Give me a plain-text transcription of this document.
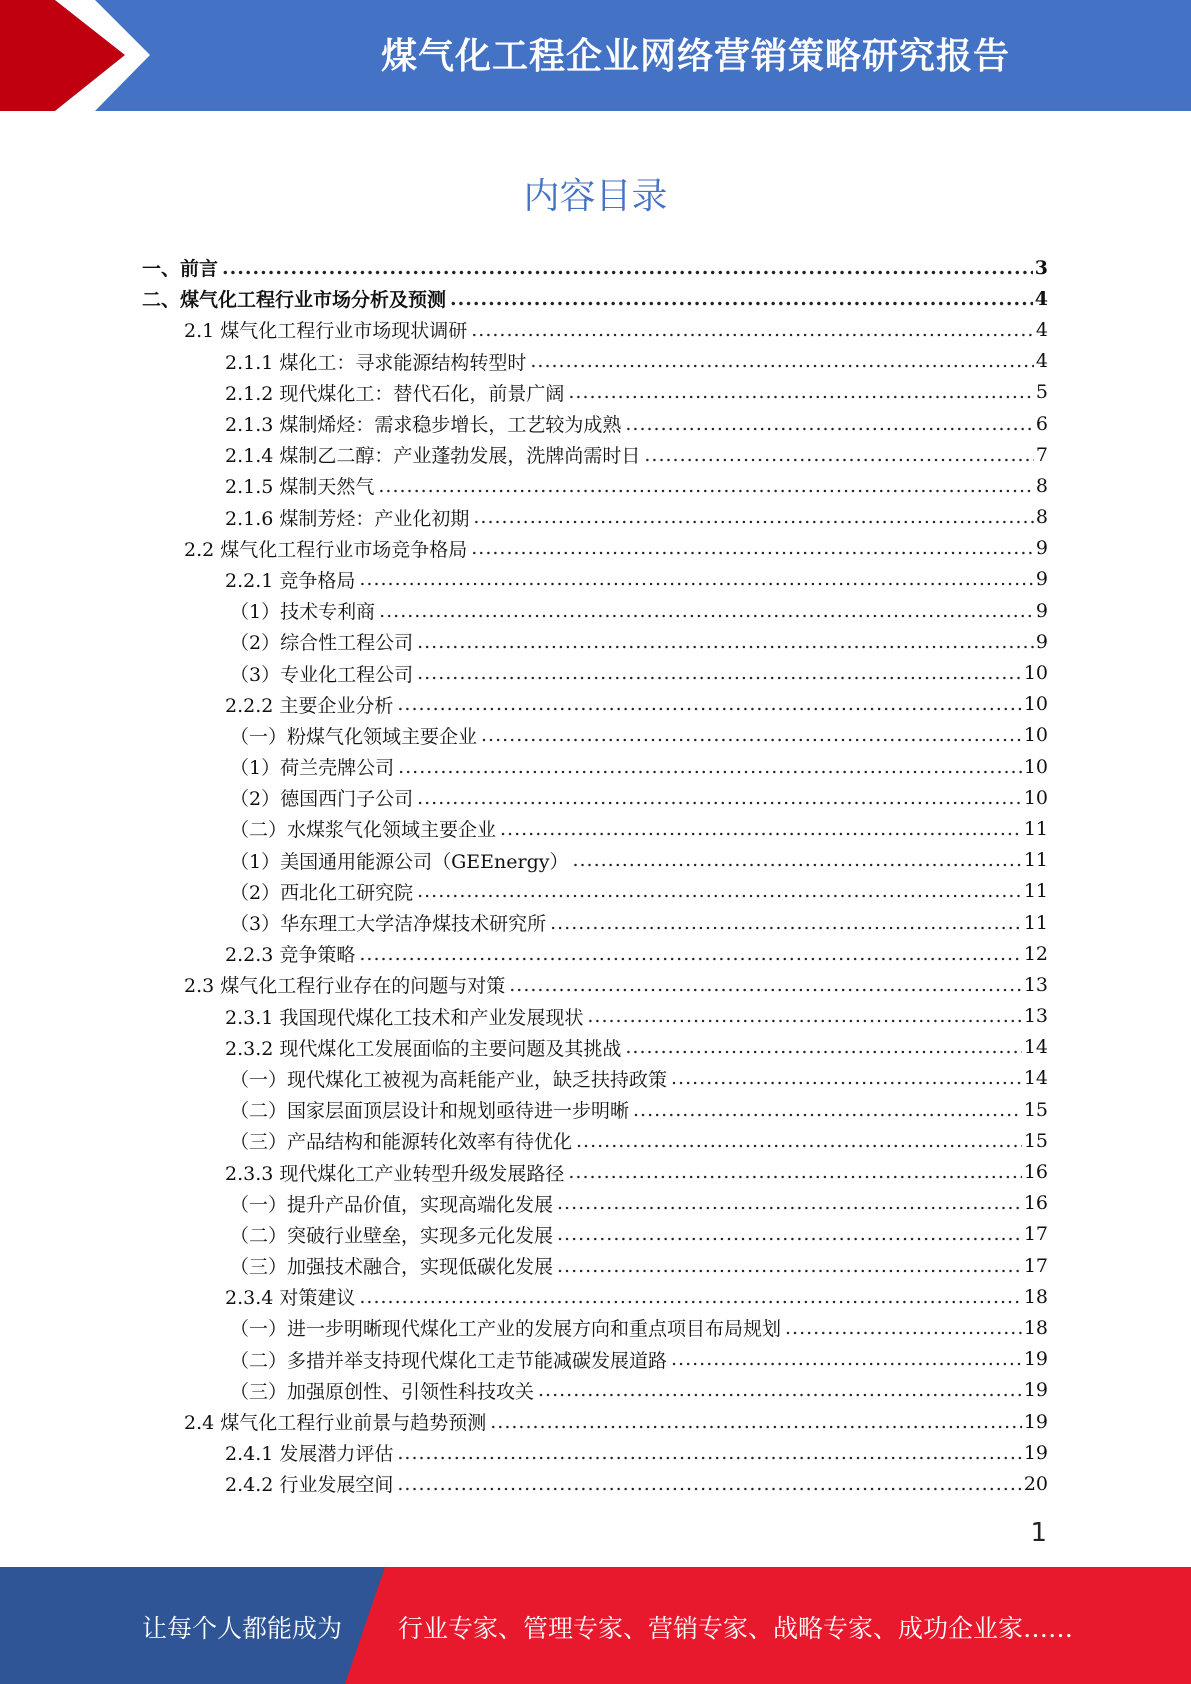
煤气化工程企业网络营销策略研究报告
内容目录
一、前言 .....	3
二、煤气化工程行业市场分析及预测 .....	4
2.1 煤气化工程行业市场现状调研 .....	4
2.1.1 煤化工：寻求能源结构转型时 .....	4
2.1.2 现代煤化工：替代石化，前景广阔 .....	5
2.1.3 煤制烯烃：需求稳步增长，工艺较为成熟 .....	6
2.1.4 煤制乙二醇：产业蓬勃发展，洗牌尚需时日 .....	7
2.1.5 煤制天然气 .....	8
2.1.6 煤制芳烃：产业化初期 .....	8
2.2 煤气化工程行业市场竞争格局 .....	9
2.2.1 竞争格局 .....	9
（1）技术专利商 .....	9
（2）综合性工程公司 .....	9
（3）专业化工程公司 .....	10
2.2.2 主要企业分析 .....	10
（一）粉煤气化领域主要企业 .....	10
（1）荷兰壳牌公司 .....	10
（2）德国西门子公司 .....	10
（二）水煤浆气化领域主要企业 .....	11
（1）美国通用能源公司（GEEnergy） .....	11
（2）西北化工研究院 .....	11
（3）华东理工大学洁净煤技术研究所 .....	11
2.2.3 竞争策略 .....	12
2.3 煤气化工程行业存在的问题与对策 .....	13
2.3.1 我国现代煤化工技术和产业发展现状 .....	13
2.3.2 现代煤化工发展面临的主要问题及其挑战 .....	14
（一）现代煤化工被视为高耗能产业，缺乏扶持政策 .....	14
（二）国家层面顶层设计和规划亟待进一步明晰 .....	15
（三）产品结构和能源转化效率有待优化 .....	15
2.3.3 现代煤化工产业转型升级发展路径 .....	16
（一）提升产品价值，实现高端化发展 .....	16
（二）突破行业壁垒，实现多元化发展 .....	17
（三）加强技术融合，实现低碳化发展 .....	17
2.3.4 对策建议 .....	18
（一）进一步明晰现代煤化工产业的发展方向和重点项目布局规划 .....	18
（二）多措并举支持现代煤化工走节能减碳发展道路 .....	19
（三）加强原创性、引领性科技攻关 .....	19
2.4 煤气化工程行业前景与趋势预测 .....	19
2.4.1 发展潜力评估 .....	19
2.4.2 行业发展空间 .....	20
1
让每个人都能成为 行业专家、管理专家、营销专家、战略专家、成功企业家……
